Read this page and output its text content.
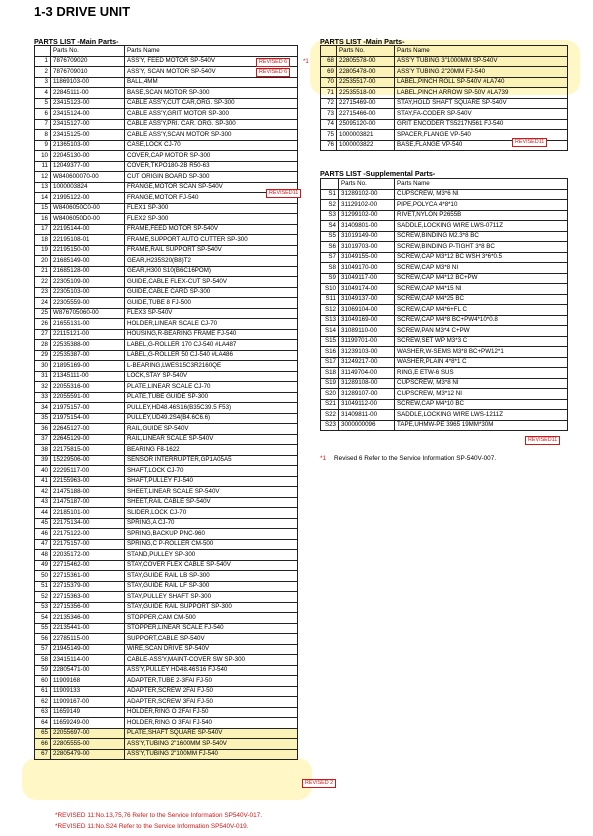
1-3 DRIVE UNIT
PARTS LIST -Main Parts-	PARTS LIST -Main Parts-
PARTS LIST -Supplemental Parts-
	Parts No.	Parts Name
1	7876709020	ASS'Y, FEED MOTOR SP-540V
2	7876709010	ASS'Y, SCAN MOTOR SP-540V
3	11869103-00	BALL,4MM
4	22845111-00	BASE,SCAN MOTOR SP-300
5	23415123-00	CABLE ASS'Y,CUT CAR,ORG. SP-300
6	23415124-00	CABLE ASS'Y,GRIT MOTOR SP-300
7	23415127-00	CABLE ASS'Y,PRI. CAR. ORG. SP-300
8	23415125-00	CABLE ASS'Y,SCAN MOTOR SP-300
9	21365103-00	CASE,LOCK CJ-70
10	22045130-00	COVER,CAP MOTOR SP-300
11	12049377-00	COVER,TKPO180-2B R50-63
12	W840600070-00	CUT ORIGIN BOARD SP-300
13	1000003824	FRANGE,MOTOR SCAN SP-540V
14	21995122-00	FRANGE,MOTOR FJ-540
15	W8406050C0-00	FLEX1 SP-300
16	W8406050D0-00	FLEX2 SP-300
17	22195144-00	FRAME,FEED MOTOR SP-540V
18	22195108-01	FRAME,SUPPORT AUTO CUTTER SP-300
19	22195150-00	FRAME,RAIL SUPPORT SP-540V
20	21685149-00	GEAR,H235S20(B8)T2
21	21685128-00	GEAR,H300 S10(B6C16POM)
22	22305109-00	GUIDE,CABLE FLEX-CUT SP-540V
23	22305103-00	GUIDE,CABLE CARD SP-300
24	22305559-00	GUIDE,TUBE 8 FJ-500
25	W876705060-00	FLEX3 SP-540V
26	21655131-00	HOLDER,LINEAR SCALE CJ-70
27	22115121-00	HOUSING,R-BEARING FRAME FJ-540
28	22535388-00	LABEL,G-ROLLER 170 CJ-540 #LA487
29	22535387-00	LABEL,G-ROLLER 50 CJ-540 #LA486
30	21895169-00	L-BEARING,LWES15C3R2160QE
31	21345111-00	LOCK,STAY SP-540V
32	22055316-00	PLATE,LINEAR SCALE CJ-70
33	22055591-00	PLATE,TUBE GUIDE SP-300
34	21975157-00	PULLEY,HD48.46S16(B35C39.5 F53)
35	21975154-00	PULLEY,UD49.2S4(B4.6C6.6)
36	22645127-00	RAIL,GUIDE SP-540V
37	22645129-00	RAIL,LINEAR SCALE SP-540V
38	22175815-00	BEARING F8-1622
39	15229506-00	SENSOR INTERRUPTER,GP1A05A5
40	22295117-00	SHAFT,LOCK CJ-70
41	22155963-00	SHAFT,PULLEY FJ-540
42	21475188-00	SHEET,LINEAR SCALE SP-540V
43	21475187-00	SHEET,RAIL CABLE SP-540V
44	22185101-00	SLIDER,LOCK CJ-70
45	22175134-00	SPRING,A CJ-70
46	22175122-00	SPRING,BACKUP PNC-960
47	22175157-00	SPRING,C P-ROLLER CM-500
48	22035172-00	STAND,PULLEY SP-300
49	22715462-00	STAY,COVER FLEX CABLE SP-540V
50	22715361-00	STAY,GUIDE RAIL LB SP-300
51	22715379-00	STAY,GUIDE RAIL LF SP-300
52	22715363-00	STAY,PULLEY SHAFT SP-300
53	22715356-00	STAY,GUIDE RAIL SUPPORT SP-300
54	22135346-00	STOPPER,CAM CM-500
55	22135441-00	STOPPER,LINEAR SCALE FJ-540
56	22785115-00	SUPPORT,CABLE SP-540V
57	21945149-00	WIRE,SCAN DRIVE SP-540V
58	23415114-00	CABLE-ASS'Y,MAINT-COVER SW SP-300
59	22805471-00	ASS'Y,PULLEY HD48.46S16 FJ-540
60	11909168	ADAPTER,TUBE 2-3FAI FJ-50
61	11909133	ADAPTER,SCREW 2FAI FJ-50
62	11909167-00	ADAPTER,SCREW 3FAI FJ-50
63	11659149	HOLDER,RING O 2FAI FJ-50
64	11659249-00	HOLDER,RING O 3FAI FJ-540
65	22055697-00	PLATE,SHAFT SQUARE SP-540V
66	22805555-00	ASS'Y,TUBING 2"1600MM SP-540V
67	22805479-00	ASS'Y,TUBING 2"100MM FJ-540
	Parts No.	Parts Name
68	22805578-00	ASS'Y TUBING 3"1000MM SP-540V
69	22805478-00	ASS'Y TUBING 2"20MM FJ-540
70	22535517-00	LABEL,PINCH ROLL SP-540V #LA740
71	22535518-00	LABEL,PINCH ARROW SP-50V #LA739
72	22715469-00	STAY,HOLD SHAFT SQUARE SP-540V
73	22715466-00	STAY,FA-CODER SP-540V
74	25095120-00	GRIT ENCODER TS5217N561 FJ-540
75	1000003821	SPACER,FLANGE VP-540
76	1000003822	BASE,FLANGE VP-540
	Parts No.	Parts Name
S1	31289102-00	CUPSCREW, M3*6 NI
S2	31129102-00	PIPE,POLYCA 4*8*10
S3	31299102-00	RIVET,NYLON P2655B
S4	31409801-00	SADDLE,LOCKING WIRE LWS-0711Z
S5	31019149-00	SCREW,BINDING M2.3*8 BC
S6	31019703-00	SCREW,BINDING P-TIGHT 3*8 BC
S7	31049155-00	SCREW,CAP M3*12 BC WSH 3*6*0.5
S8	31049170-00	SCREW,CAP M3*8 NI
S9	31049117-00	SCREW,CAP M4*12 BC+PW
S10	31049174-00	SCREW,CAP M4*15 NI
S11	31049137-00	SCREW,CAP M4*25 BC
S12	31069104-00	SCREW,CAP M4*6+FL C
S13	31049169-00	SCREW,CAP M4*8 BC+PW4*10*0.8
S14	31089110-00	SCREW,PAN M3*4 C+PW
S15	31199701-00	SCREW,SET WP M3*3 C
S16	31239103-00	WASHER,W-SEMS M3*8 BC+PW12*1
S17	31249217-00	WASHER,PLAIN 4*8*1 C
S18	31149704-00	RING,E ETW-6 SUS
S19	31289108-00	CUPSCREW, M3*8 NI
S20	31289107-00	CUPSCREW, M3*12 NI
S21	31049112-00	SCREW,CAP M4*10 BC
S22	31409811-00	SADDLE,LOCKING WIRE LWS-1211Z
S23	3000000096	TAPE,UHMW-PE 3965 19MM*30M
REVISED 6
REVISED 6
*1
REVISED11
REVISED11
REVISED11
REVISED 2
*1 Revised 6 Refer to the Service Information SP-540V-007.
*REVISED 11:No.13,75,76 Refer to the Service Information SP540V-017.
*REVISED 11:No.S24 Refer to the Service Information SP540V-019.
